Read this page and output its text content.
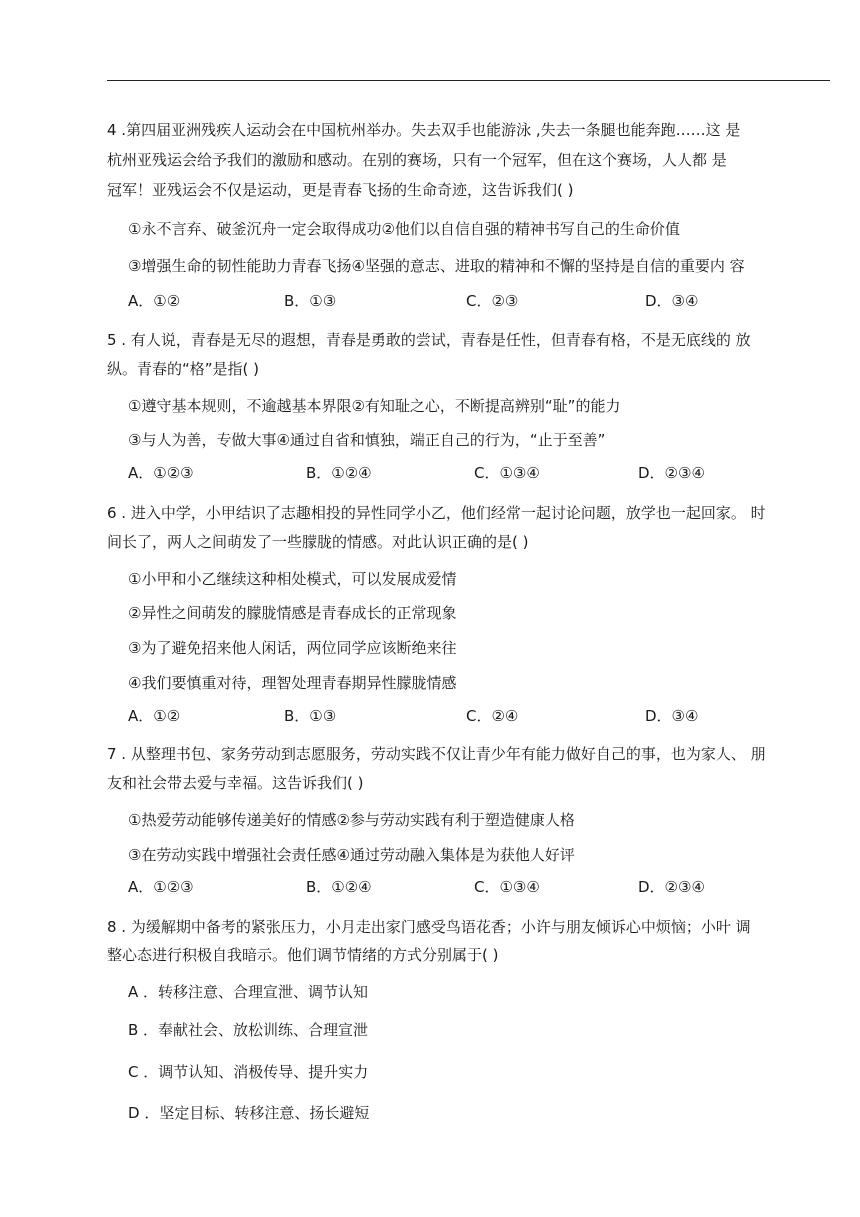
4 .第四届亚洲残疾人运动会在中国杭州举办。失去双手也能游泳 ,失去一条腿也能奔跑……这 是
杭州亚残运会给予我们的激励和感动。在别的赛场，只有一个冠军，但在这个赛场，人人都 是
冠军！亚残运会不仅是运动，更是青春飞扬的生命奇迹，这告诉我们( )
①永不言弃、破釜沉舟一定会取得成功②他们以自信自强的精神书写自己的生命价值
③增强生命的韧性能助力青春飞扬④坚强的意志、进取的精神和不懈的坚持是自信的重要内 容
A．①②	B．①③	C．②③	D．③④
5 . 有人说，青春是无尽的遐想，青春是勇敢的尝试，青春是任性，但青春有格，不是无底线的 放
纵。青春的“格”是指( )
①遵守基本规则，不逾越基本界限②有知耻之心，不断提高辨别“耻”的能力
③与人为善，专做大事④通过自省和慎独，端正自己的行为，“止于至善”
A．①②③	B．①②④	C．①③④	D．②③④
6 . 进入中学，小甲结识了志趣相投的异性同学小乙，他们经常一起讨论问题，放学也一起回家。 时
间长了，两人之间萌发了一些朦胧的情感。对此认识正确的是( )
①小甲和小乙继续这种相处模式，可以发展成爱情
②异性之间萌发的朦胧情感是青春成长的正常现象
③为了避免招来他人闲话，两位同学应该断绝来往
④我们要慎重对待，理智处理青春期异性朦胧情感
A．①②	B．①③	C．②④	D．③④
7 . 从整理书包、家务劳动到志愿服务，劳动实践不仅让青少年有能力做好自己的事，也为家人、 朋
友和社会带去爱与幸福。这告诉我们( )
①热爱劳动能够传递美好的情感②参与劳动实践有利于塑造健康人格
③在劳动实践中增强社会责任感④通过劳动融入集体是为获他人好评
A．①②③	B．①②④	C．①③④	D．②③④
8 . 为缓解期中备考的紧张压力，小月走出家门感受鸟语花香；小许与朋友倾诉心中烦恼；小叶 调
整心态进行积极自我暗示。他们调节情绪的方式分别属于( )
A ．转移注意、合理宣泄、调节认知
B ．奉献社会、放松训练、合理宣泄
C ．调节认知、消极传导、提升实力
D ．坚定目标、转移注意、扬长避短
